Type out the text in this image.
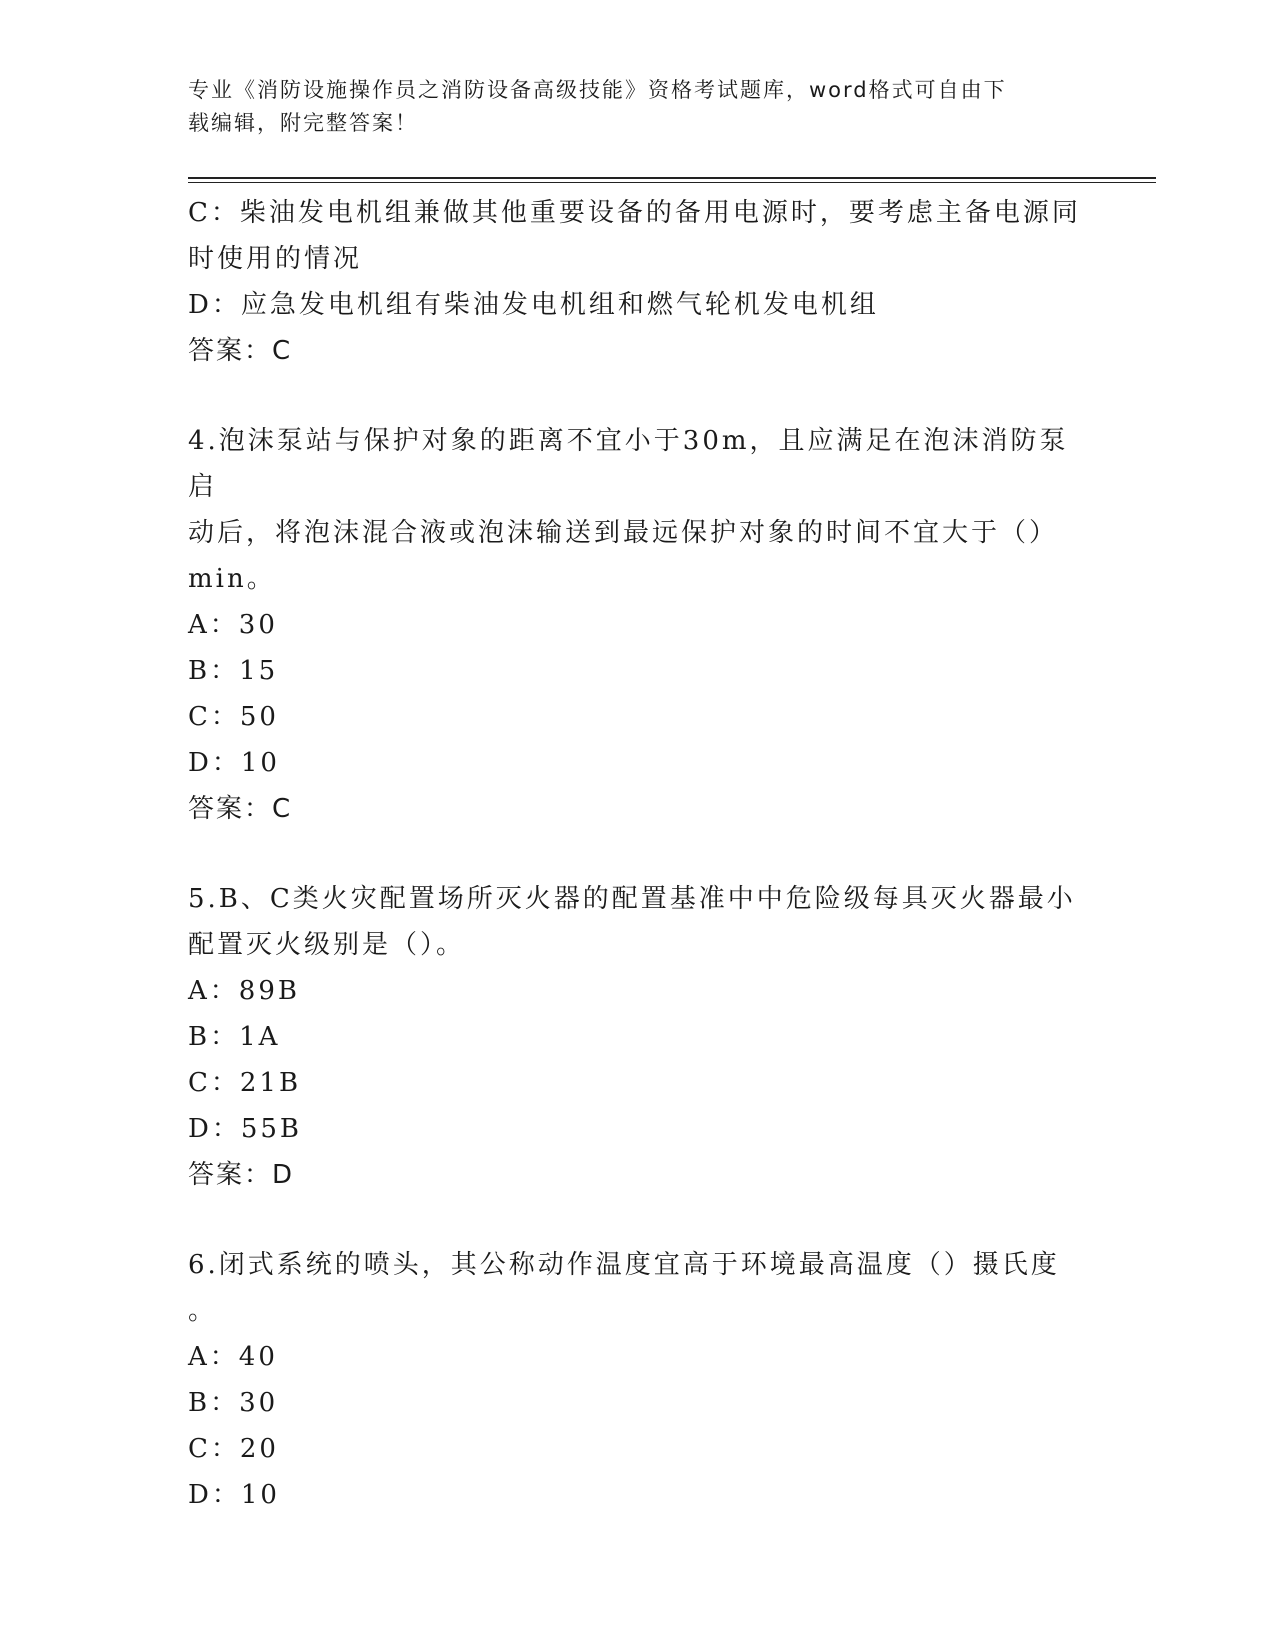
专业《消防设施操作员之消防设备高级技能》资格考试题库，word格式可自由下
载编辑，附完整答案！

C：柴油发电机组兼做其他重要设备的备用电源时，要考虑主备电源同

时使用的情况

D：应急发电机组有柴油发电机组和燃气轮机发电机组

答案：C

4.泡沫泵站与保护对象的距离不宜小于30m，且应满足在泡沫消防泵启

动后，将泡沫混合液或泡沫输送到最远保护对象的时间不宜大于（）

min。

A：30

B：15

C：50

D：10

答案：C

5.B、C类火灾配置场所灭火器的配置基准中中危险级每具灭火器最小

配置灭火级别是（）。

A：89B

B：1A

C：21B

D：55B

答案：D

6.闭式系统的喷头，其公称动作温度宜高于环境最高温度（）摄氏度

。

A：40

B：30

C：20

D：10
